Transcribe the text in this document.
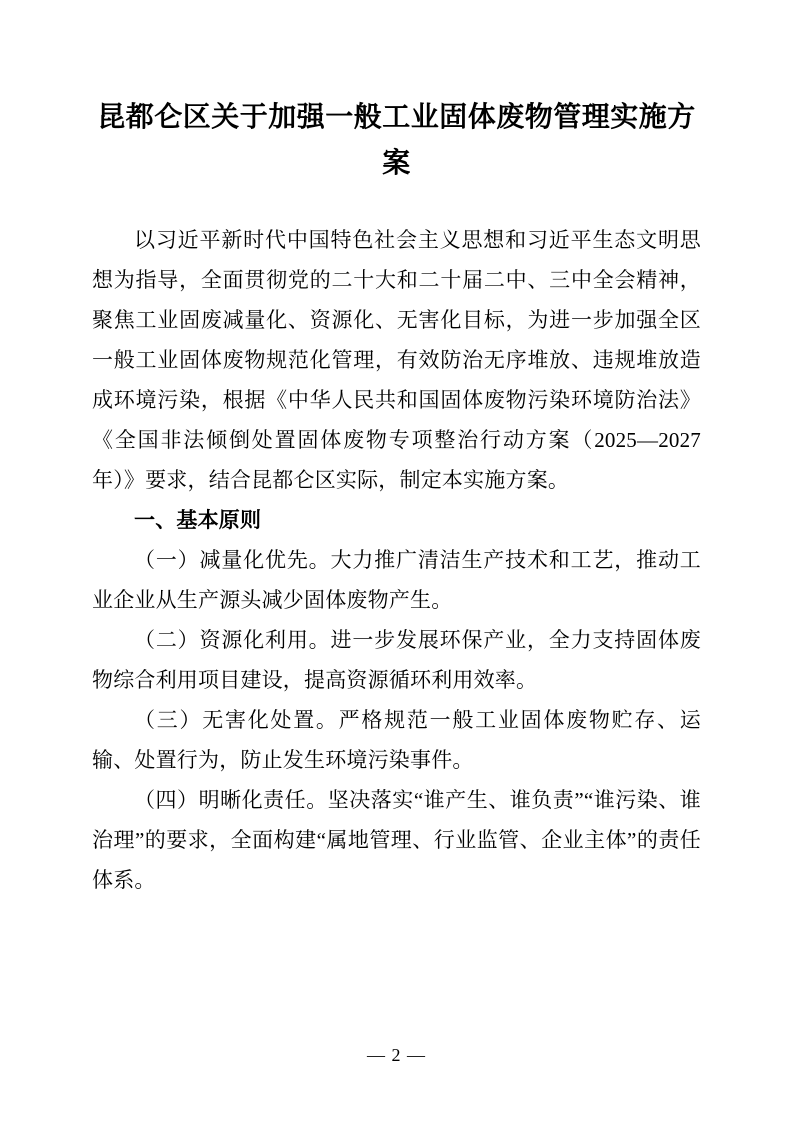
昆都仑区关于加强一般工业固体废物管理实施方案

以习近平新时代中国特色社会主义思想和习近平生态文明思想为指导，全面贯彻党的二十大和二十届二中、三中全会精神，聚焦工业固废减量化、资源化、无害化目标，为进一步加强全区一般工业固体废物规范化管理，有效防治无序堆放、违规堆放造成环境污染，根据《中华人民共和国固体废物污染环境防治法》《全国非法倾倒处置固体废物专项整治行动方案（2025—2027 年）》要求，结合昆都仑区实际，制定本实施方案。

一、基本原则

（一）减量化优先。大力推广清洁生产技术和工艺，推动工业企业从生产源头减少固体废物产生。

（二）资源化利用。进一步发展环保产业，全力支持固体废物综合利用项目建设，提高资源循环利用效率。

（三）无害化处置。严格规范一般工业固体废物贮存、运输、处置行为，防止发生环境污染事件。

（四）明晰化责任。坚决落实“谁产生、谁负责”“谁污染、谁治理”的要求，全面构建“属地管理、行业监管、企业主体”的责任体系。

— 2 —
